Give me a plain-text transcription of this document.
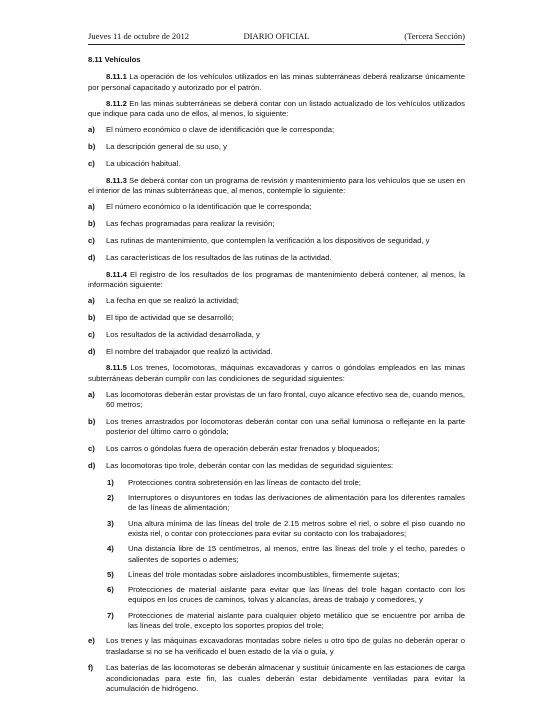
Jueves 11 de octubre de 2012	DIARIO OFICIAL	(Tercera Sección)
8.11 Vehículos
8.11.1 La operación de los vehículos utilizados en las minas subterráneas deberá realizarse únicamente por personal capacitado y autorizado por el patrón.
8.11.2 En las minas subterráneas se deberá contar con un listado actualizado de los vehículos utilizados que indique para cada uno de ellos, al menos, lo siguiente:
a) El número económico o clave de identificación que le corresponda;
b) La descripción general de su uso, y
c) La ubicación habitual.
8.11.3 Se deberá contar con un programa de revisión y mantenimiento para los vehículos que se usen en el interior de las minas subterráneas que, al menos, contemple lo siguiente:
a) El número económico o la identificación que le corresponda;
b) Las fechas programadas para realizar la revisión;
c) Las rutinas de mantenimiento, que contemplen la verificación a los dispositivos de seguridad, y
d) Las características de los resultados de las rutinas de la actividad.
8.11.4 El registro de los resultados de los programas de mantenimiento deberá contener, al menos, la información siguiente:
a) La fecha en que se realizó la actividad;
b) El tipo de actividad que se desarrolló;
c) Los resultados de la actividad desarrollada, y
d) El nombre del trabajador que realizó la actividad.
8.11.5 Los trenes, locomotoras, máquinas excavadoras y carros o góndolas empleados en las minas subterráneas deberán cumplir con las condiciones de seguridad siguientes:
a) Las locomotoras deberán estar provistas de un faro frontal, cuyo alcance efectivo sea de, cuando menos, 60 metros;
b) Los trenes arrastrados por locomotoras deberán contar con una señal luminosa o reflejante en la parte posterior del último carro o góndola;
c) Los carros o góndolas fuera de operación deberán estar frenados y bloqueados;
d) Las locomotoras tipo trole, deberán contar con las medidas de seguridad siguientes:
1) Protecciones contra sobretensión en las líneas de contacto del trole;
2) Interruptores o disyuntores en todas las derivaciones de alimentación para los diferentes ramales de las líneas de alimentación;
3) Una altura mínima de las líneas del trole de 2.15 metros sobre el riel, o sobre el piso cuando no exista riel, o contar con protecciones para evitar su contacto con los trabajadores;
4) Una distancia libre de 15 centímetros, al menos, entre las líneas del trole y el techo, paredes o salientes de soportes o ademes;
5) Líneas del trole montadas sobre aisladores incombustibles, firmemente sujetas;
6) Protecciones de material aislante para evitar que las líneas del trole hagan contacto con los equipos en los cruces de caminos, tolvas y alcancías, áreas de trabajo y comedores, y
7) Protecciones de material aislante para cualquier objeto metálico que se encuentre por arriba de las líneas del trole, excepto los soportes propios del trole;
e) Los trenes y las máquinas excavadoras montadas sobre rieles u otro tipo de guías no deberán operar o trasladarse si no se ha verificado el buen estado de la vía o guía, y
f) Las baterías de las locomotoras se deberán almacenar y sustituir únicamente en las estaciones de carga acondicionadas para este fin, las cuales deberán estar debidamente ventiladas para evitar la acumulación de hidrógeno.
